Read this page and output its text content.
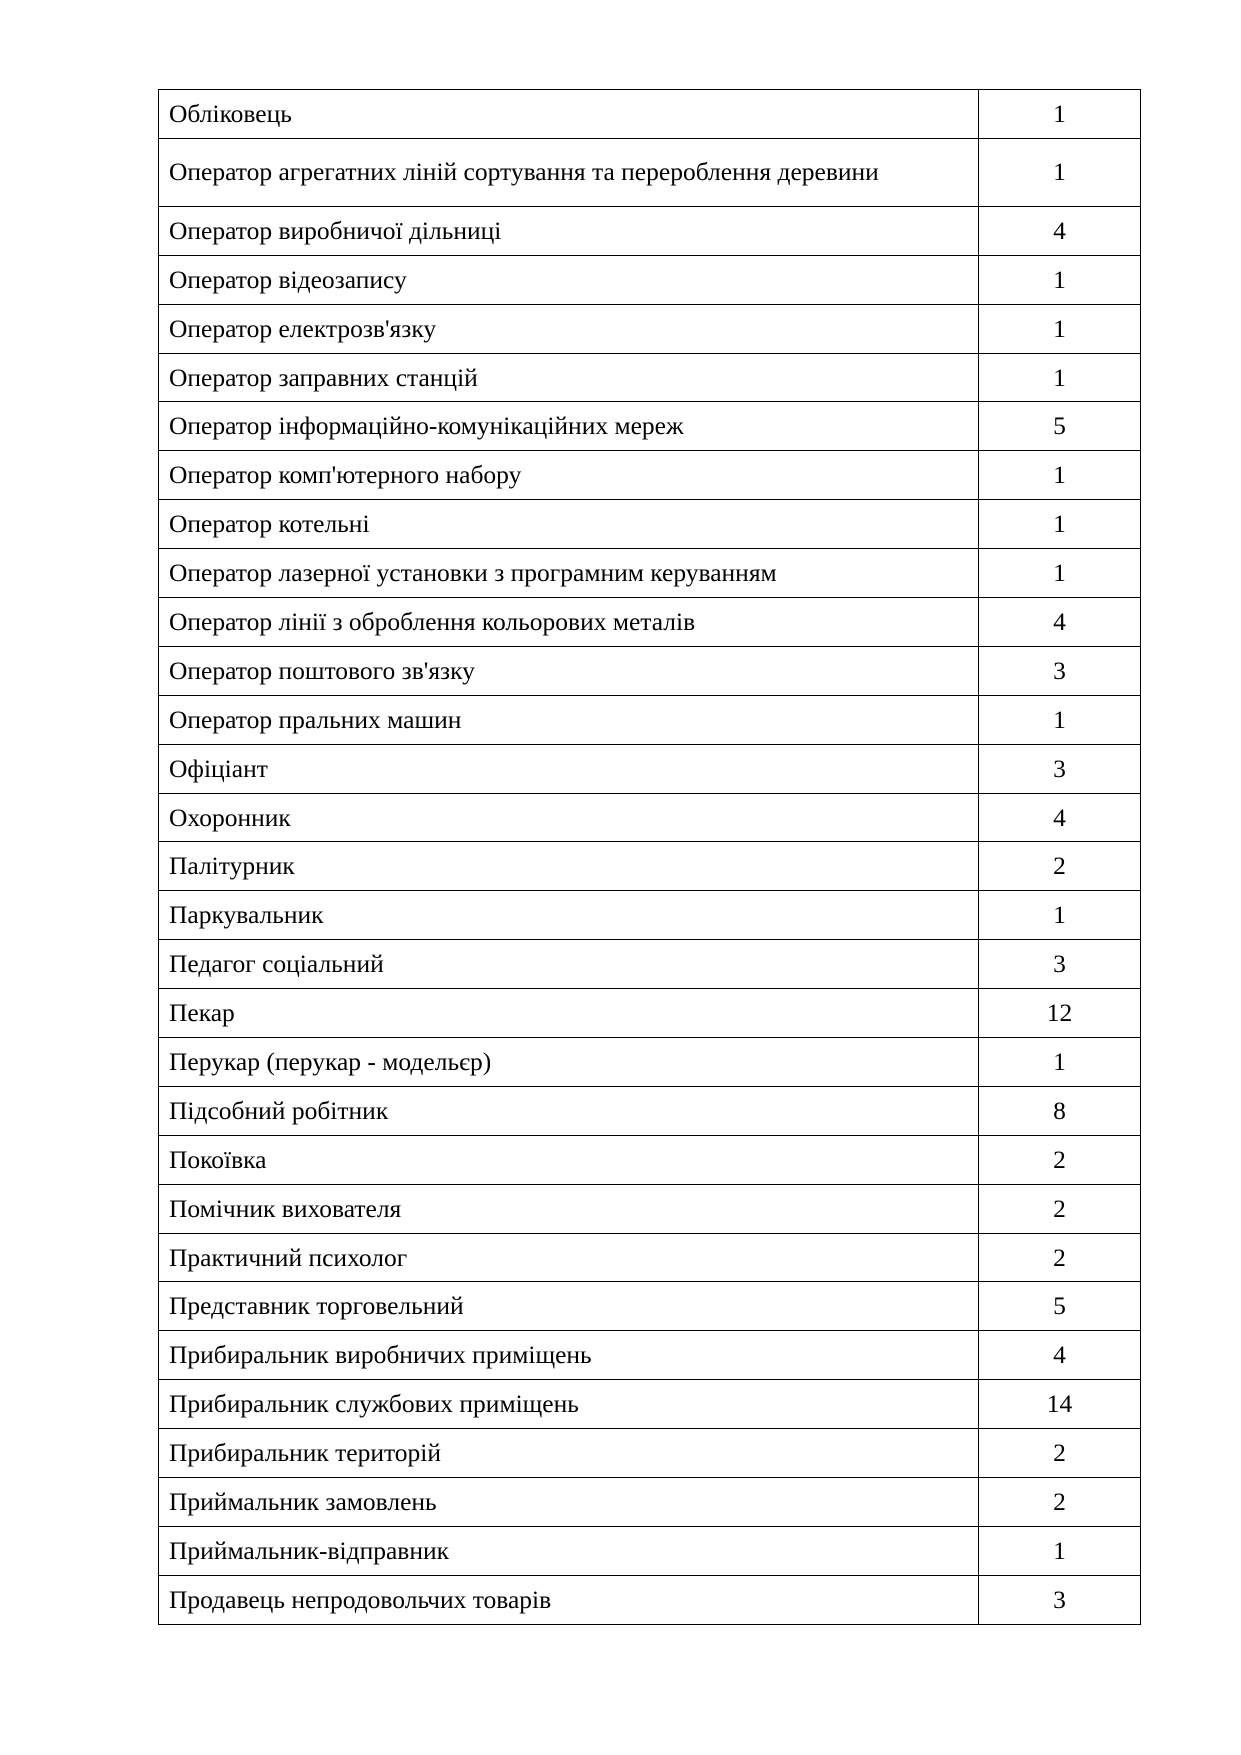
Обліковець	1
Оператор агрегатних ліній сортування та перероблення деревини	1
Оператор виробничої дільниці	4
Оператор відеозапису	1
Оператор електрозв'язку	1
Оператор заправних станцій	1
Оператор інформаційно-комунікаційних мереж	5
Оператор комп'ютерного набору	1
Оператор котельні	1
Оператор лазерної установки з програмним керуванням	1
Оператор лінії з оброблення кольорових металів	4
Оператор поштового зв'язку	3
Оператор пральних машин	1
Офіціант	3
Охоронник	4
Палітурник	2
Паркувальник	1
Педагог соціальний	3
Пекар	12
Перукар (перукар - модельєр)	1
Підсобний робітник	8
Покоївка	2
Помічник вихователя	2
Практичний психолог	2
Представник торговельний	5
Прибиральник виробничих приміщень	4
Прибиральник службових приміщень	14
Прибиральник територій	2
Приймальник замовлень	2
Приймальник-відправник	1
Продавець непродовольчих товарів	3
